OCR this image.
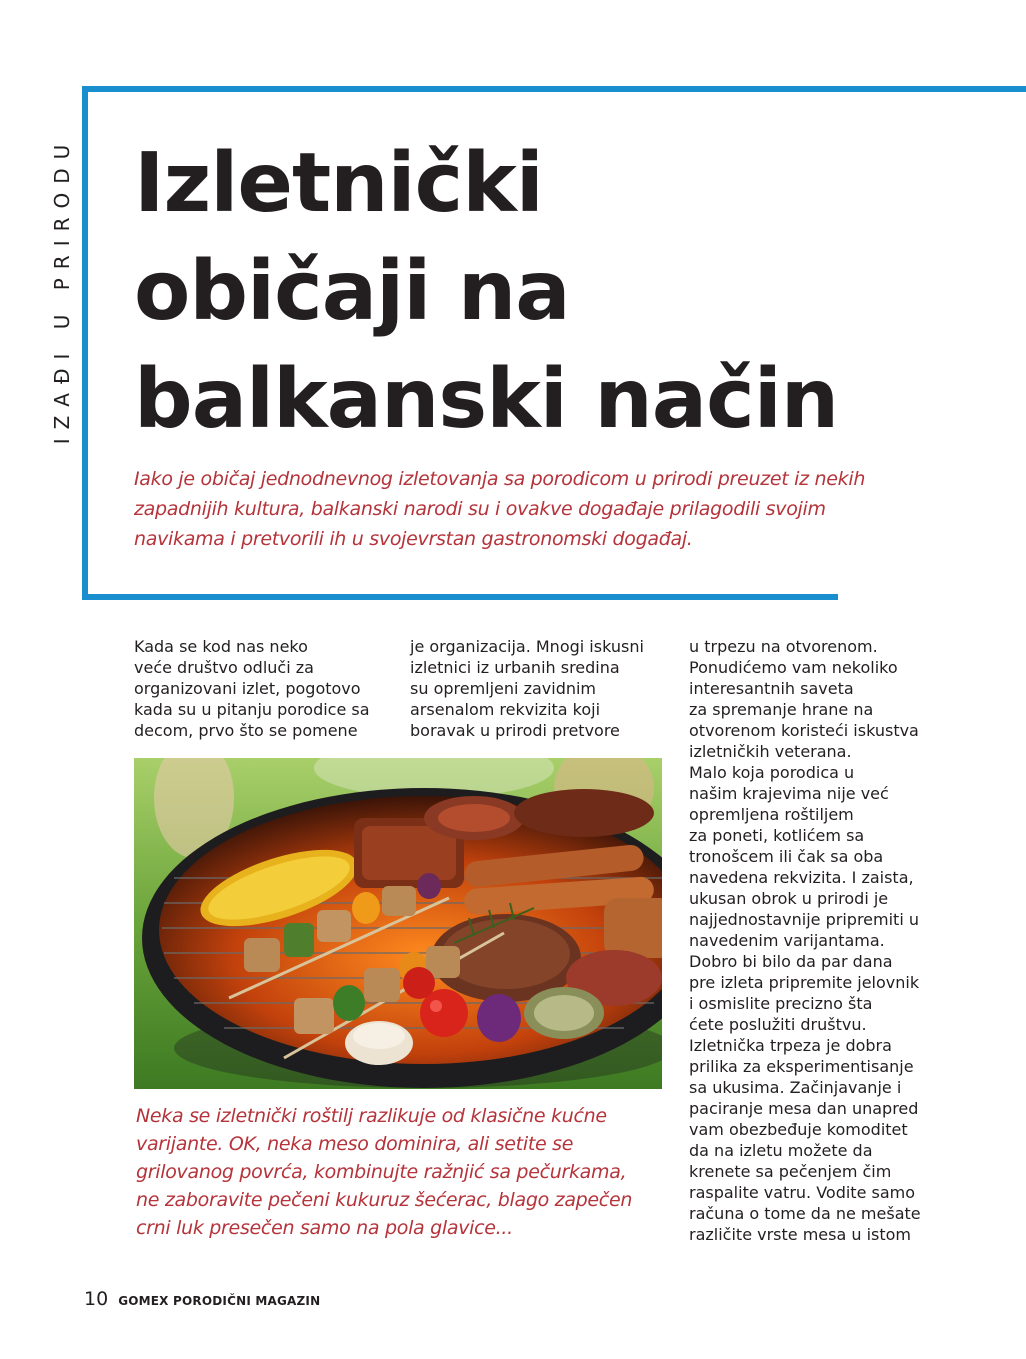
IZAĐI U PRIRODU Izletnički
običaji na
balkanski način
Iako je običaj jednodnevnog izletovanja sa porodicom u prirodi preuzet iz nekih
zapadnijih kultura, balkanski narodi su i ovakve događaje prilagodili svojim
navikama i pretvorili ih u svojevrstan gastronomski događaj.
Kada se kod nas neko
veće društvo odluči za
organizovani izlet, pogotovo
kada su u pitanju porodice sa
decom, prvo što se pomene
je organizacija. Mnogi iskusni
izletnici iz urbanih sredina
su opremljeni zavidnim
arsenalom rekvizita koji
boravak u prirodi pretvore
u trpezu na otvorenom.
Ponudićemo vam nekoliko
interesantnih saveta
za spremanje hrane na
otvorenom koristeći iskustva
izletničkih veterana.
Malo koja porodica u
našim krajevima nije već
opremljena roštiljem
za poneti, kotlićem sa
tronošcem ili čak sa oba
navedena rekvizita. I zaista,
ukusan obrok u prirodi je
najjednostavnije pripremiti u
navedenim varijantama.
Dobro bi bilo da par dana
pre izleta pripremite jelovnik
i osmislite precizno šta
ćete poslužiti društvu.
Izletnička trpeza je dobra
prilika za eksperimentisanje
sa ukusima. Začinjavanje i
paciranje mesa dan unapred
vam obezbeđuje komoditet
da na izletu možete da
krenete sa pečenjem čim
raspalite vatru. Vodite samo
računa o tome da ne mešate
različite vrste mesa u istom
Neka se izletnički roštilj razlikuje od klasične kućne
varijante. OK, neka meso dominira, ali setite se
grilovanog povrća, kombinujte ražnjić sa pečurkama,
ne zaboravite pečeni kukuruz šećerac, blago zapečen
crni luk presečen samo na pola glavice...
10 GOMEX PORODIČNI MAGAZIN
